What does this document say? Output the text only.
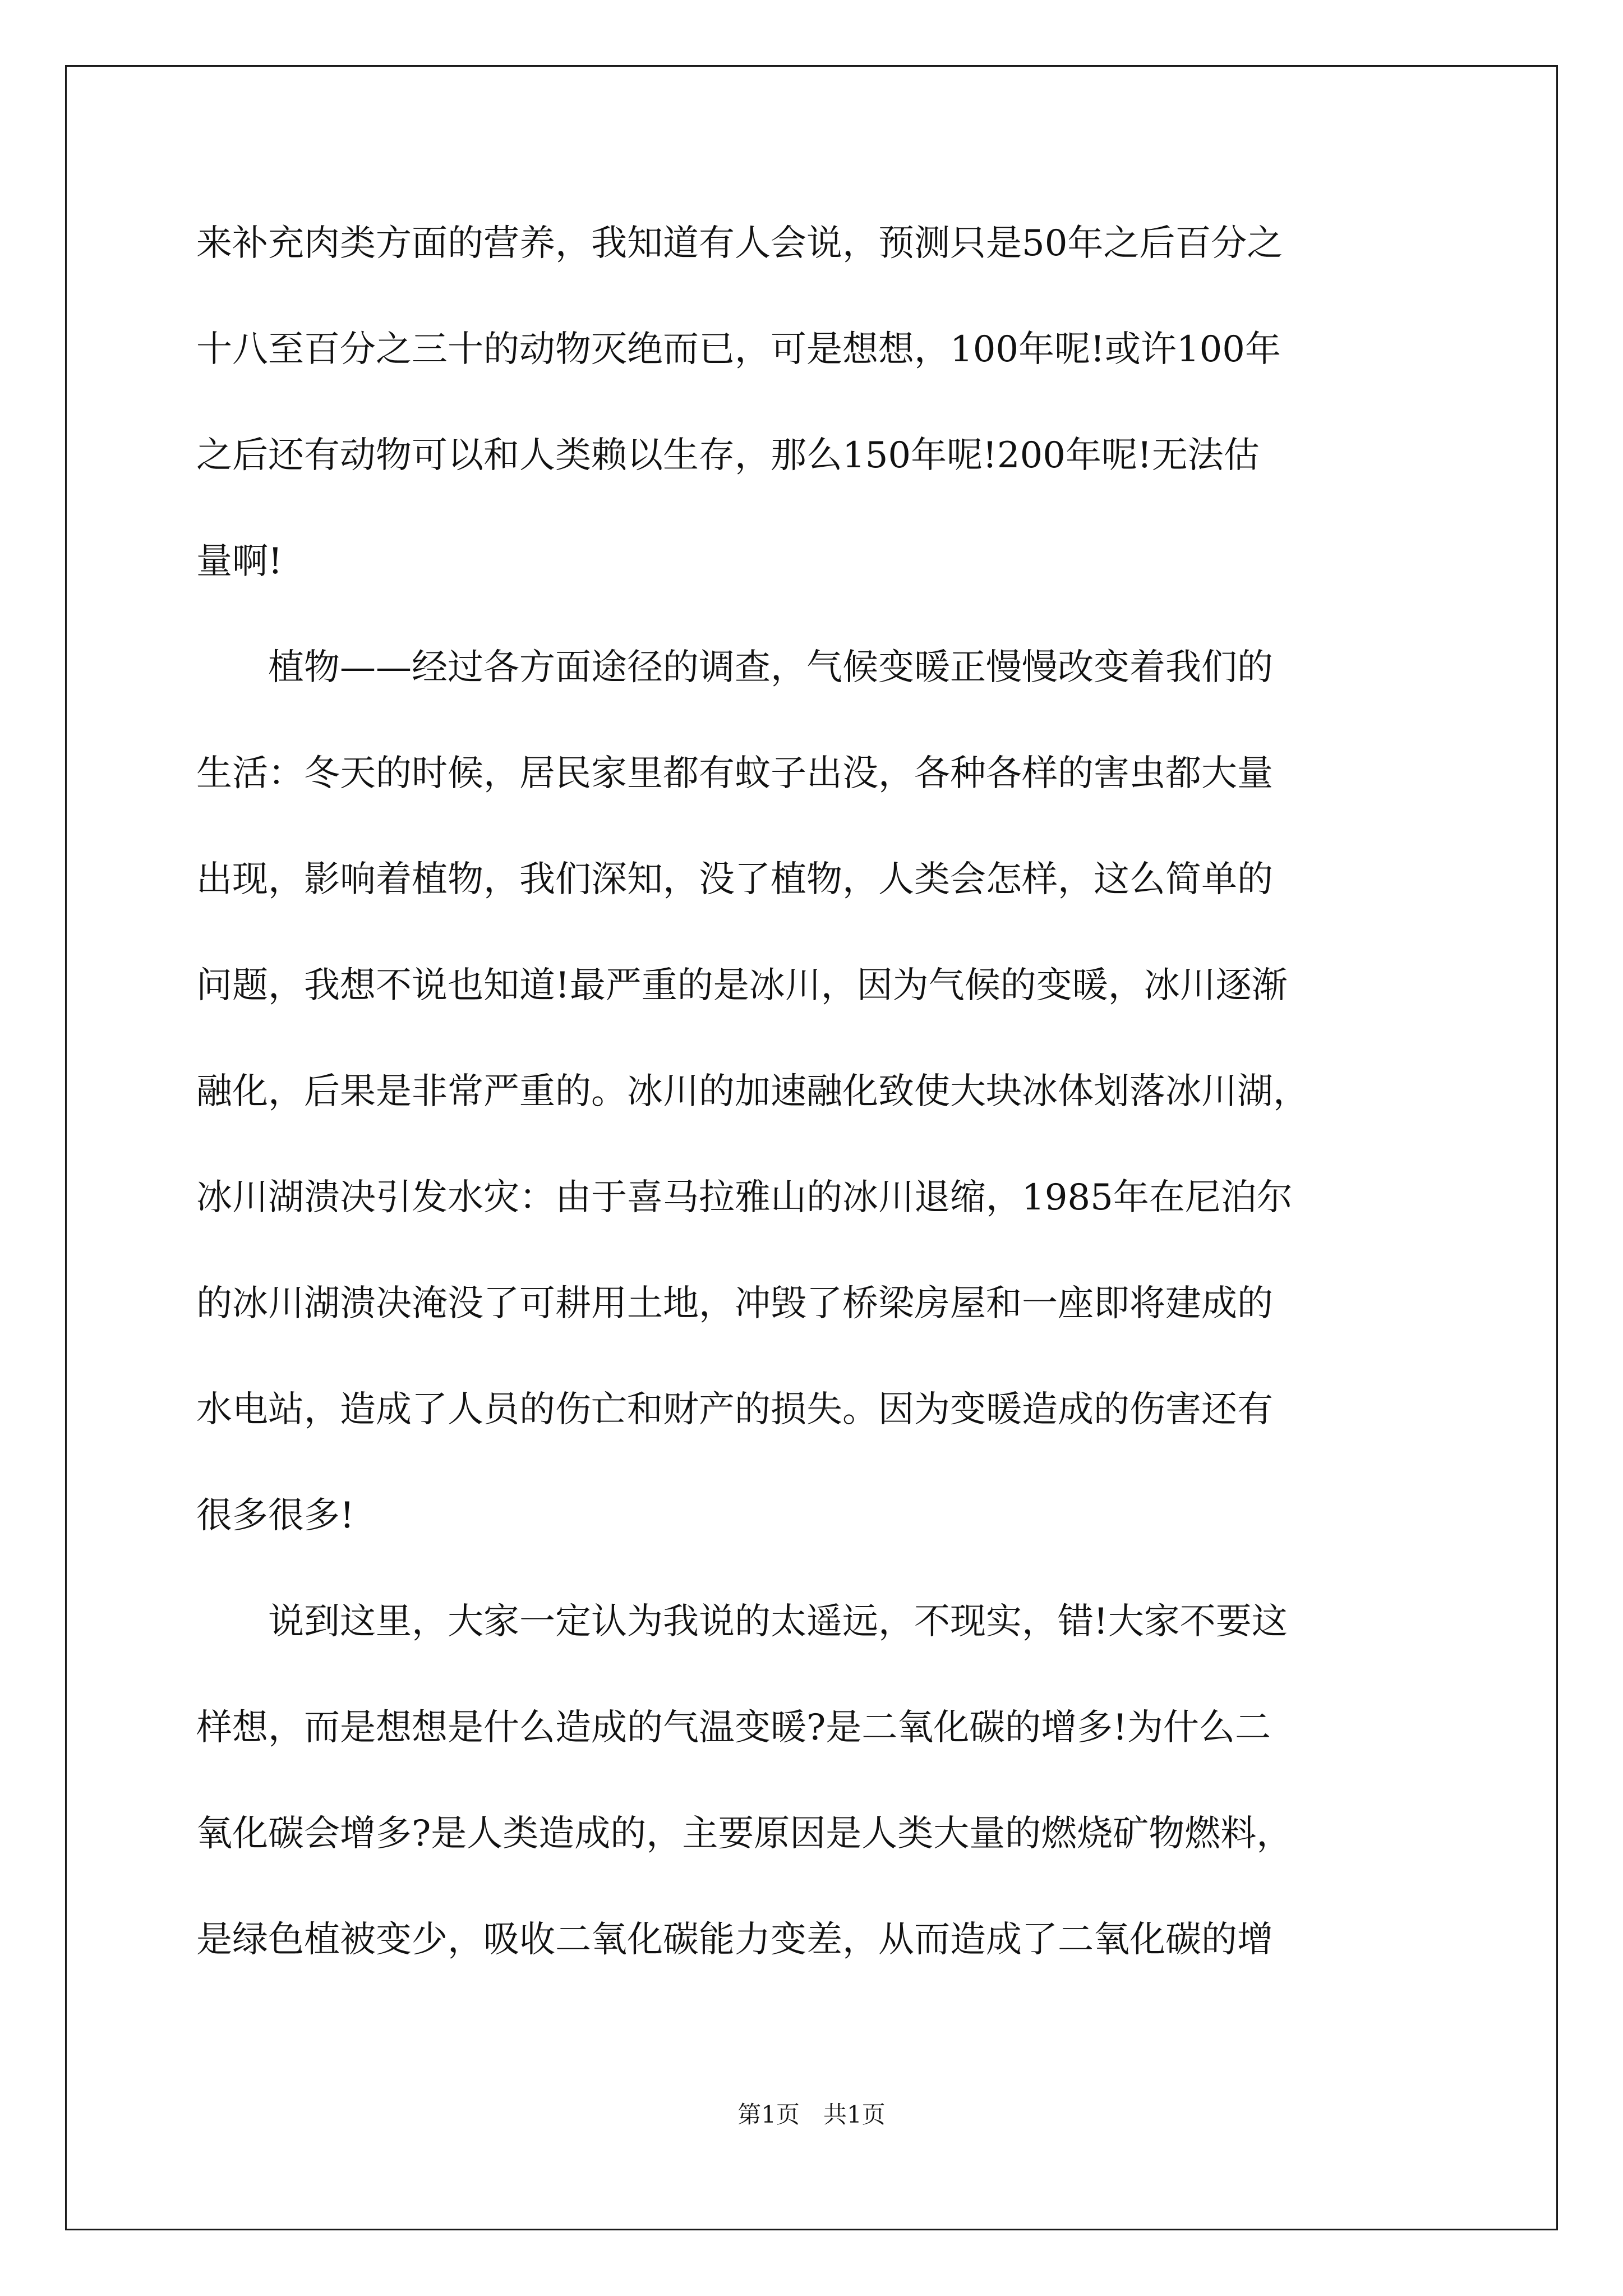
来补充肉类方面的营养，我知道有人会说，预测只是50年之后百分之
十八至百分之三十的动物灭绝而已，可是想想，100年呢!或许100年
之后还有动物可以和人类赖以生存，那么150年呢!200年呢!无法估
量啊!
植物——经过各方面途径的调查，气候变暖正慢慢改变着我们的
生活：冬天的时候，居民家里都有蚊子出没，各种各样的害虫都大量
出现，影响着植物，我们深知，没了植物，人类会怎样，这么简单的
问题，我想不说也知道!最严重的是冰川，因为气候的变暖，冰川逐渐
融化，后果是非常严重的。冰川的加速融化致使大块冰体划落冰川湖，
冰川湖溃决引发水灾：由于喜马拉雅山的冰川退缩，1985年在尼泊尔
的冰川湖溃决淹没了可耕用土地，冲毁了桥梁房屋和一座即将建成的
水电站，造成了人员的伤亡和财产的损失。因为变暖造成的伤害还有
很多很多!
说到这里，大家一定认为我说的太遥远，不现实，错!大家不要这
样想，而是想想是什么造成的气温变暖?是二氧化碳的增多!为什么二
氧化碳会增多?是人类造成的，主要原因是人类大量的燃烧矿物燃料，
是绿色植被变少，吸收二氧化碳能力变差，从而造成了二氧化碳的增
第1页　共1页
